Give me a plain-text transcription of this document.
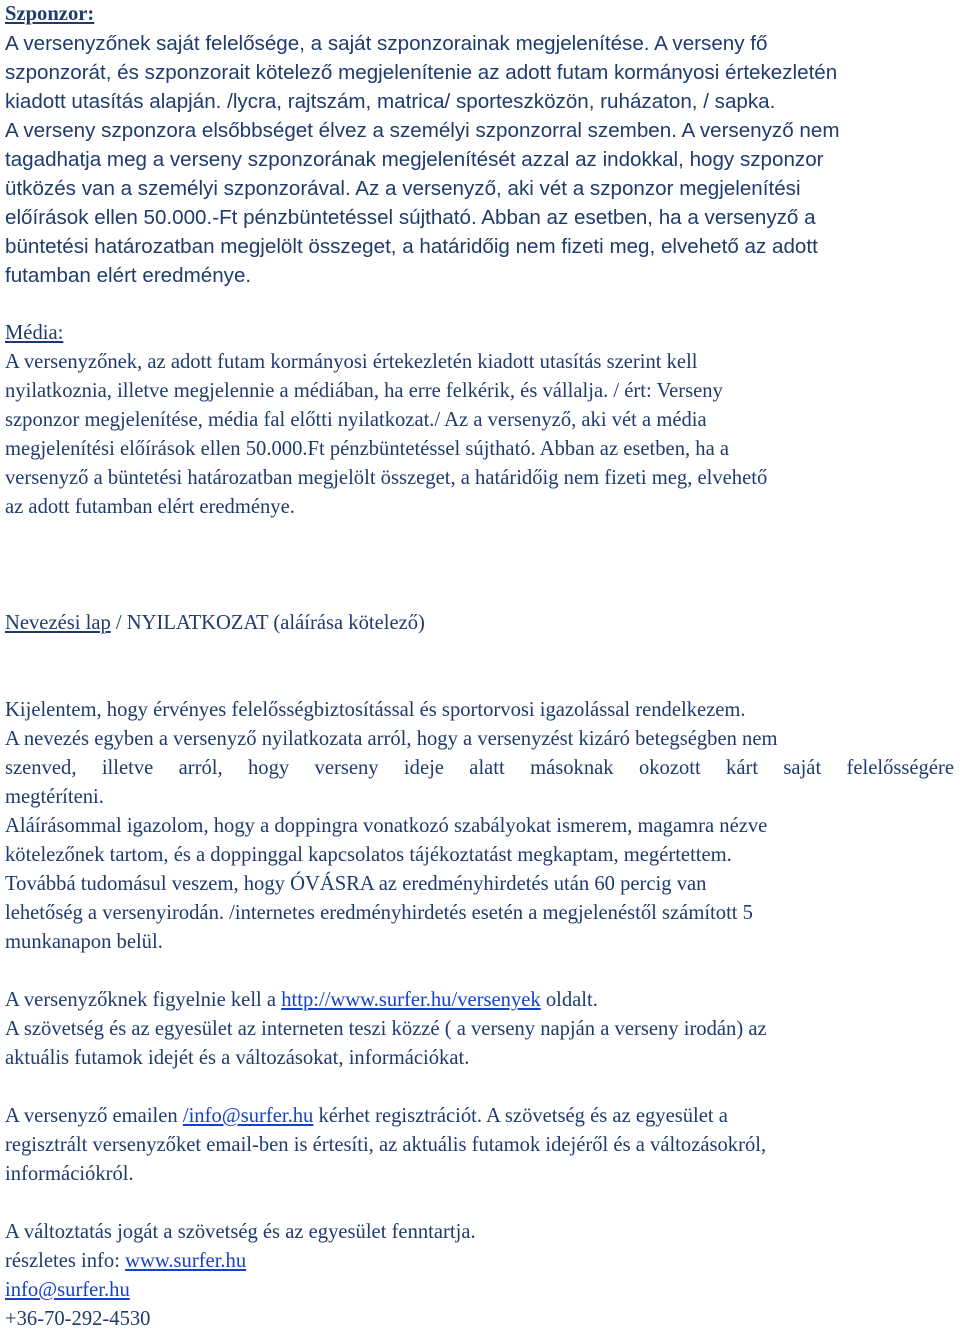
Szponzor:

A versenyzőnek saját felelősége, a saját szponzorainak megjelenítése. A verseny fő

szponzorát, és szponzorait kötelező megjelenítenie az adott futam kormányosi értekezletén

kiadott utasítás alapján. /lycra, rajtszám, matrica/ sporteszközön, ruházaton, / sapka.

A verseny szponzora elsőbbséget élvez a személyi szponzorral szemben. A versenyző nem

tagadhatja meg a verseny szponzorának megjelenítését azzal az indokkal, hogy szponzor

ütközés van a személyi szponzorával. Az a versenyző, aki vét a szponzor megjelenítési

előírások ellen 50.000.-Ft pénzbüntetéssel sújtható. Abban az esetben, ha a versenyző a

büntetési határozatban megjelölt összeget, a határidőig nem fizeti meg, elvehető az adott

futamban elért eredménye.

Média:

A versenyzőnek, az adott futam kormányosi értekezletén kiadott utasítás szerint kell

nyilatkoznia, illetve megjelennie a médiában, ha erre felkérik, és vállalja. / ért: Verseny

szponzor megjelenítése, média fal előtti nyilatkozat./ Az a versenyző, aki vét a média

megjelenítési előírások ellen 50.000.Ft pénzbüntetéssel sújtható. Abban az esetben, ha a

versenyző a büntetési határozatban megjelölt összeget, a határidőig nem fizeti meg, elvehető

az adott futamban elért eredménye.

Nevezési lap / NYILATKOZAT (aláírása kötelező)

Kijelentem, hogy érvényes felelősségbiztosítással és sportorvosi igazolással rendelkezem.

A nevezés egyben a versenyző nyilatkozata arról, hogy a versenyzést kizáró betegségben nem

szenved, illetve arról, hogy verseny ideje alatt másoknak okozott kárt saját felelősségére

megtéríteni.

Aláírásommal igazolom, hogy a doppingra vonatkozó szabályokat ismerem, magamra nézve

kötelezőnek tartom, és a doppinggal kapcsolatos tájékoztatást megkaptam, megértettem.

Továbbá tudomásul veszem, hogy ÓVÁSRA az eredményhirdetés után 60 percig van

lehetőség a versenyirodán. /internetes eredményhirdetés esetén a megjelenéstől számított 5

munkanapon belül.

A versenyzőknek figyelnie kell a http://www.surfer.hu/versenyek oldalt.

A szövetség és az egyesület az interneten teszi közzé ( a verseny napján a verseny irodán) az

aktuális futamok idejét és a változásokat, információkat.

A versenyző emailen /info@surfer.hu kérhet regisztrációt. A szövetség és az egyesület a

regisztrált versenyzőket email-ben is értesíti, az aktuális futamok idejéről és a változásokról,

információkról.

A változtatás jogát a szövetség és az egyesület fenntartja.

részletes info: www.surfer.hu

info@surfer.hu

+36-70-292-4530
